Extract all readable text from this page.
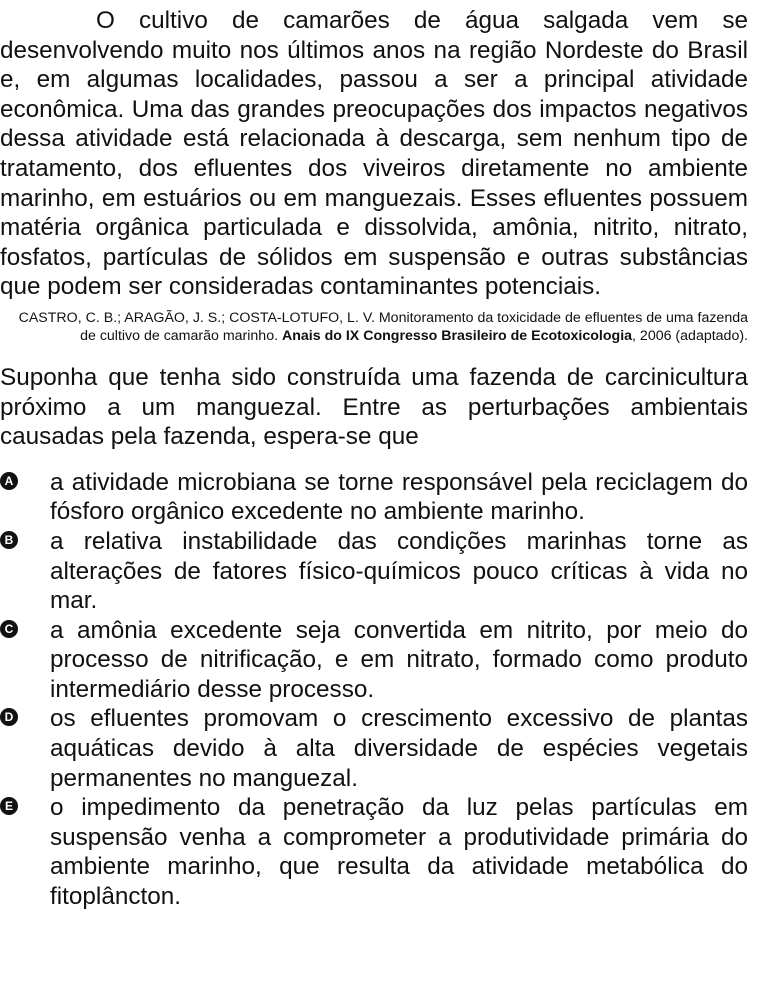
O cultivo de camarões de água salgada vem se desenvolvendo muito nos últimos anos na região Nordeste do Brasil e, em algumas localidades, passou a ser a principal atividade econômica. Uma das grandes preocupações dos impactos negativos dessa atividade está relacionada à descarga, sem nenhum tipo de tratamento, dos efluentes dos viveiros diretamente no ambiente marinho, em estuários ou em manguezais. Esses efluentes possuem matéria orgânica particulada e dissolvida, amônia, nitrito, nitrato, fosfatos, partículas de sólidos em suspensão e outras substâncias que podem ser consideradas contaminantes potenciais.

CASTRO, C. B.; ARAGÃO, J. S.; COSTA-LOTUFO, L. V. Monitoramento da toxicidade de efluentes de uma fazenda de cultivo de camarão marinho. Anais do IX Congresso Brasileiro de Ecotoxicologia, 2006 (adaptado).

Suponha que tenha sido construída uma fazenda de carcinicultura próximo a um manguezal. Entre as perturbações ambientais causadas pela fazenda, espera-se que

A a atividade microbiana se torne responsável pela reciclagem do fósforo orgânico excedente no ambiente marinho.
B a relativa instabilidade das condições marinhas torne as alterações de fatores físico-químicos pouco críticas à vida no mar.
C a amônia excedente seja convertida em nitrito, por meio do processo de nitrificação, e em nitrato, formado como produto intermediário desse processo.
D os efluentes promovam o crescimento excessivo de plantas aquáticas devido à alta diversidade de espécies vegetais permanentes no manguezal.
E o impedimento da penetração da luz pelas partículas em suspensão venha a comprometer a produtividade primária do ambiente marinho, que resulta da atividade metabólica do fitoplâncton.
